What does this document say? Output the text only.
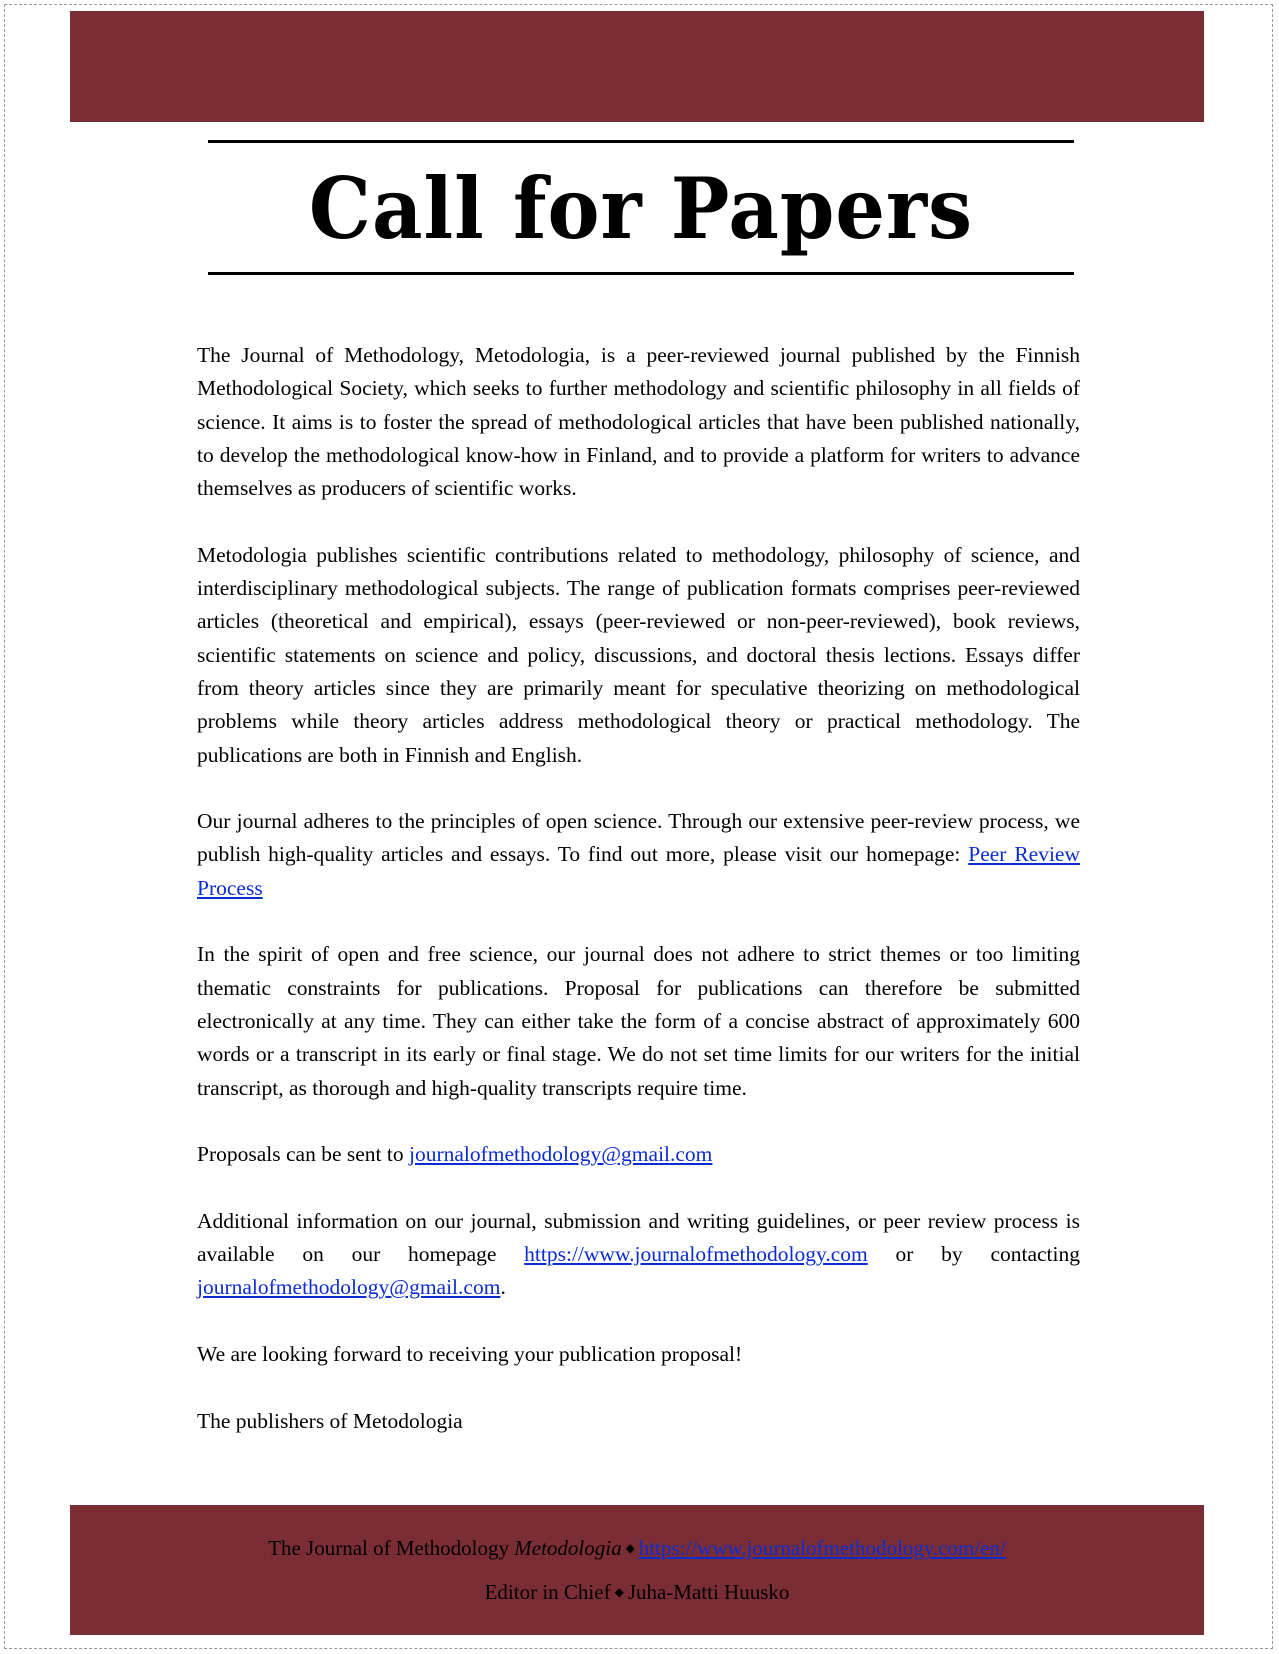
Call for Papers

The Journal of Methodology, Metodologia, is a peer-reviewed journal published by the Finnish Methodological Society, which seeks to further methodology and scientific philosophy in all fields of science. It aims is to foster the spread of methodological articles that have been published nationally, to develop the methodological know-how in Finland, and to provide a platform for writers to advance themselves as producers of scientific works.

Metodologia publishes scientific contributions related to methodology, philosophy of science, and interdisciplinary methodological subjects. The range of publication formats comprises peer-reviewed articles (theoretical and empirical), essays (peer-reviewed or non-peer-reviewed), book reviews, scientific statements on science and policy, discussions, and doctoral thesis lections. Essays differ from theory articles since they are primarily meant for speculative theorizing on methodological problems while theory articles address methodological theory or practical methodology. The publications are both in Finnish and English.

Our journal adheres to the principles of open science. Through our extensive peer-review process, we publish high-quality articles and essays. To find out more, please visit our homepage: Peer Review Process

In the spirit of open and free science, our journal does not adhere to strict themes or too limiting thematic constraints for publications. Proposal for publications can therefore be submitted electronically at any time. They can either take the form of a concise abstract of approximately 600 words or a transcript in its early or final stage. We do not set time limits for our writers for the initial transcript, as thorough and high-quality transcripts require time.

Proposals can be sent to journalofmethodology@gmail.com

Additional information on our journal, submission and writing guidelines, or peer review process is available on our homepage https://www.journalofmethodology.com or by contacting journalofmethodology@gmail.com.

We are looking forward to receiving your publication proposal!

The publishers of Metodologia

The Journal of Methodology Metodologia ◆ https://www.journalofmethodology.com/en/
Editor in Chief ◆ Juha-Matti Huusko
